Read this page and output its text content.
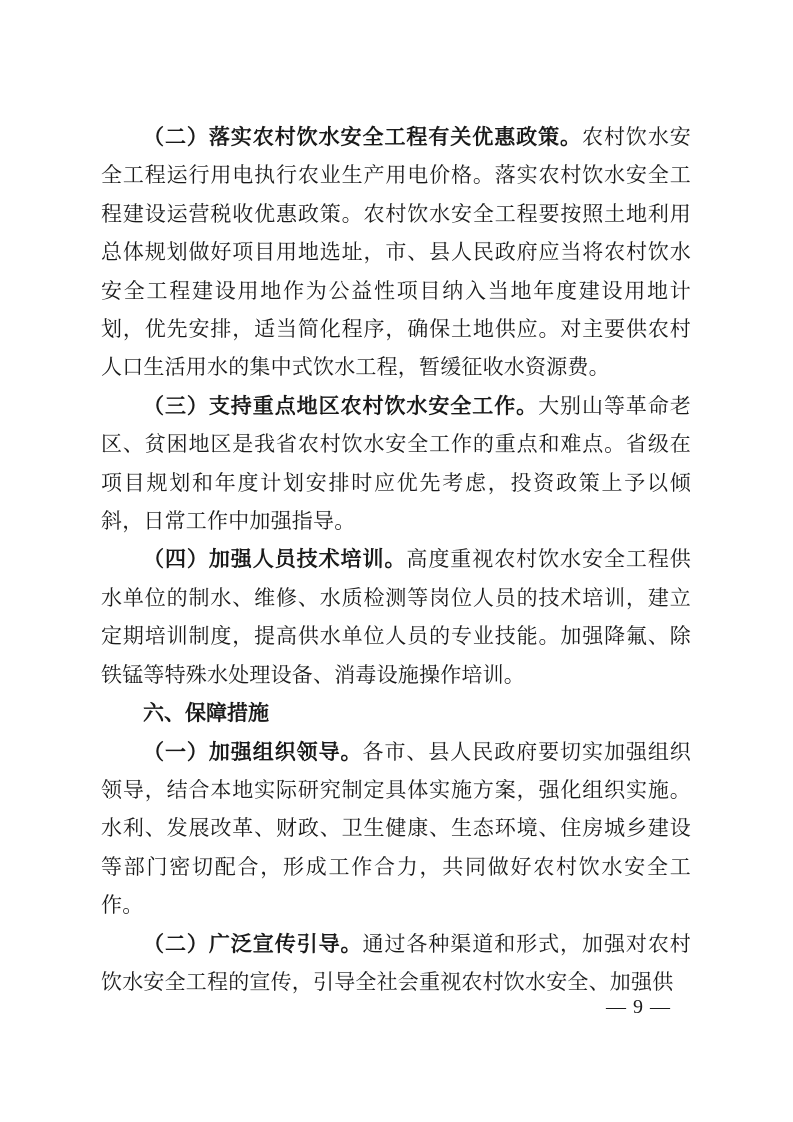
（二）落实农村饮水安全工程有关优惠政策。农村饮水安全工程运行用电执行农业生产用电价格。落实农村饮水安全工程建设运营税收优惠政策。农村饮水安全工程要按照土地利用总体规划做好项目用地选址，市、县人民政府应当将农村饮水安全工程建设用地作为公益性项目纳入当地年度建设用地计划，优先安排，适当简化程序，确保土地供应。对主要供农村人口生活用水的集中式饮水工程，暂缓征收水资源费。

（三）支持重点地区农村饮水安全工作。大别山等革命老区、贫困地区是我省农村饮水安全工作的重点和难点。省级在项目规划和年度计划安排时应优先考虑，投资政策上予以倾斜，日常工作中加强指导。

（四）加强人员技术培训。高度重视农村饮水安全工程供水单位的制水、维修、水质检测等岗位人员的技术培训，建立定期培训制度，提高供水单位人员的专业技能。加强降氟、除铁锰等特殊水处理设备、消毒设施操作培训。

六、保障措施

（一）加强组织领导。各市、县人民政府要切实加强组织领导，结合本地实际研究制定具体实施方案，强化组织实施。水利、发展改革、财政、卫生健康、生态环境、住房城乡建设等部门密切配合，形成工作合力，共同做好农村饮水安全工作。

（二）广泛宣传引导。通过各种渠道和形式，加强对农村饮水安全工程的宣传，引导全社会重视农村饮水安全、加强供

— 9 —
